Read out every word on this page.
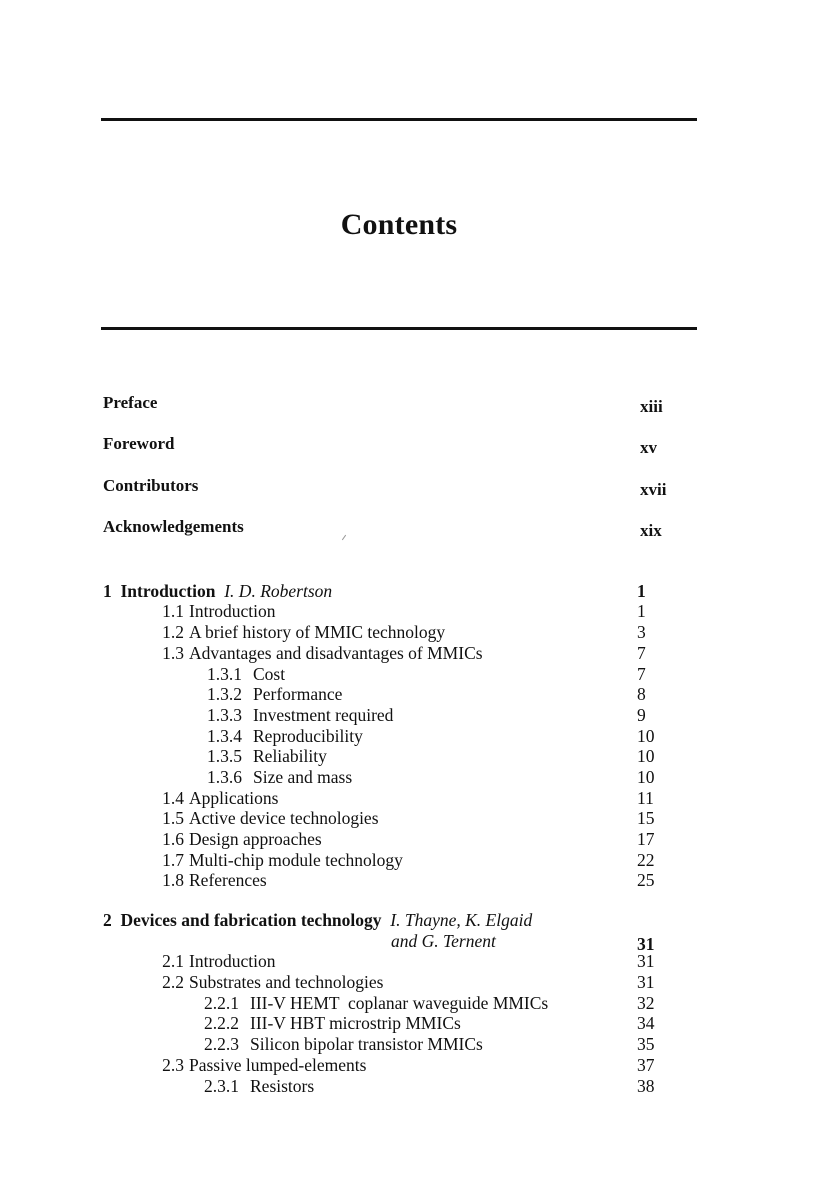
Contents
Preface	xiii
Foreword	xv
Contributors	xvii
Acknowledgements	xix
1 Introduction I. D. Robertson	1
1.1 Introduction	1
1.2 A brief history of MMIC technology	3
1.3 Advantages and disadvantages of MMICs	7
1.3.1 Cost	7
1.3.2 Performance	8
1.3.3 Investment required	9
1.3.4 Reproducibility	10
1.3.5 Reliability	10
1.3.6 Size and mass	10
1.4 Applications	11
1.5 Active device technologies	15
1.6 Design approaches	17
1.7 Multi-chip module technology	22
1.8 References	25
2 Devices and fabrication technology I. Thayne, K. Elgaid
and G. Ternent	31
2.1 Introduction	31
2.2 Substrates and technologies	31
2.2.1 III-V HEMT  coplanar waveguide MMICs	32
2.2.2 III-V HBT microstrip MMICs	34
2.2.3 Silicon bipolar transistor MMICs	35
2.3 Passive lumped-elements	37
2.3.1 Resistors	38
